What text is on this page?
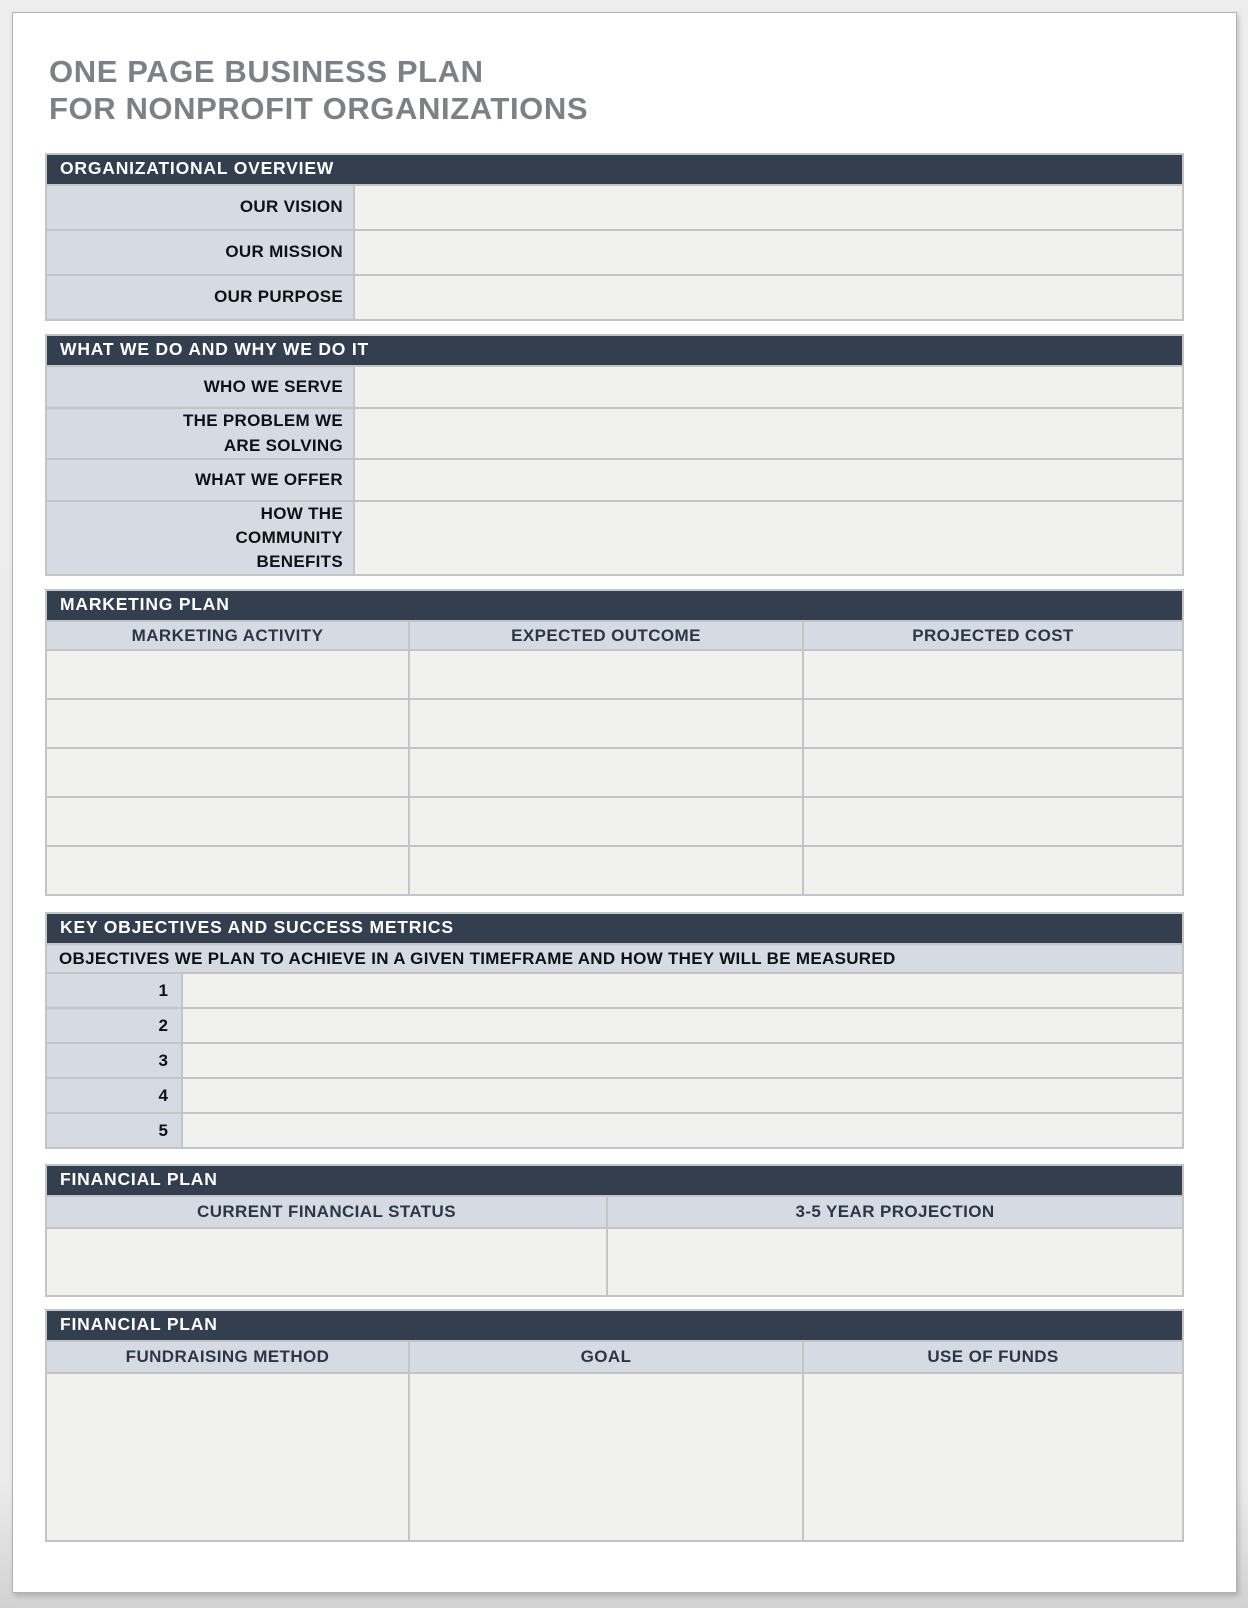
ONE PAGE BUSINESS PLAN
FOR NONPROFIT ORGANIZATIONS
ORGANIZATIONAL OVERVIEW	
OUR VISION	
OUR MISSION	
OUR PURPOSE	
WHAT WE DO AND WHY WE DO IT	
WHO WE SERVE	
THE PROBLEM WE ARE SOLVING	
WHAT WE OFFER	
HOW THE COMMUNITY BENEFITS	
MARKETING PLAN		
MARKETING ACTIVITY	EXPECTED OUTCOME	PROJECTED COST

KEY OBJECTIVES AND SUCCESS METRICS	
OBJECTIVES WE PLAN TO ACHIEVE IN A GIVEN TIMEFRAME AND HOW THEY WILL BE MEASURED	
1	
2	
3	
4	
5	
FINANCIAL PLAN	
CURRENT FINANCIAL STATUS	3-5 YEAR PROJECTION

FINANCIAL PLAN		
FUNDRAISING METHOD	GOAL	USE OF FUNDS
